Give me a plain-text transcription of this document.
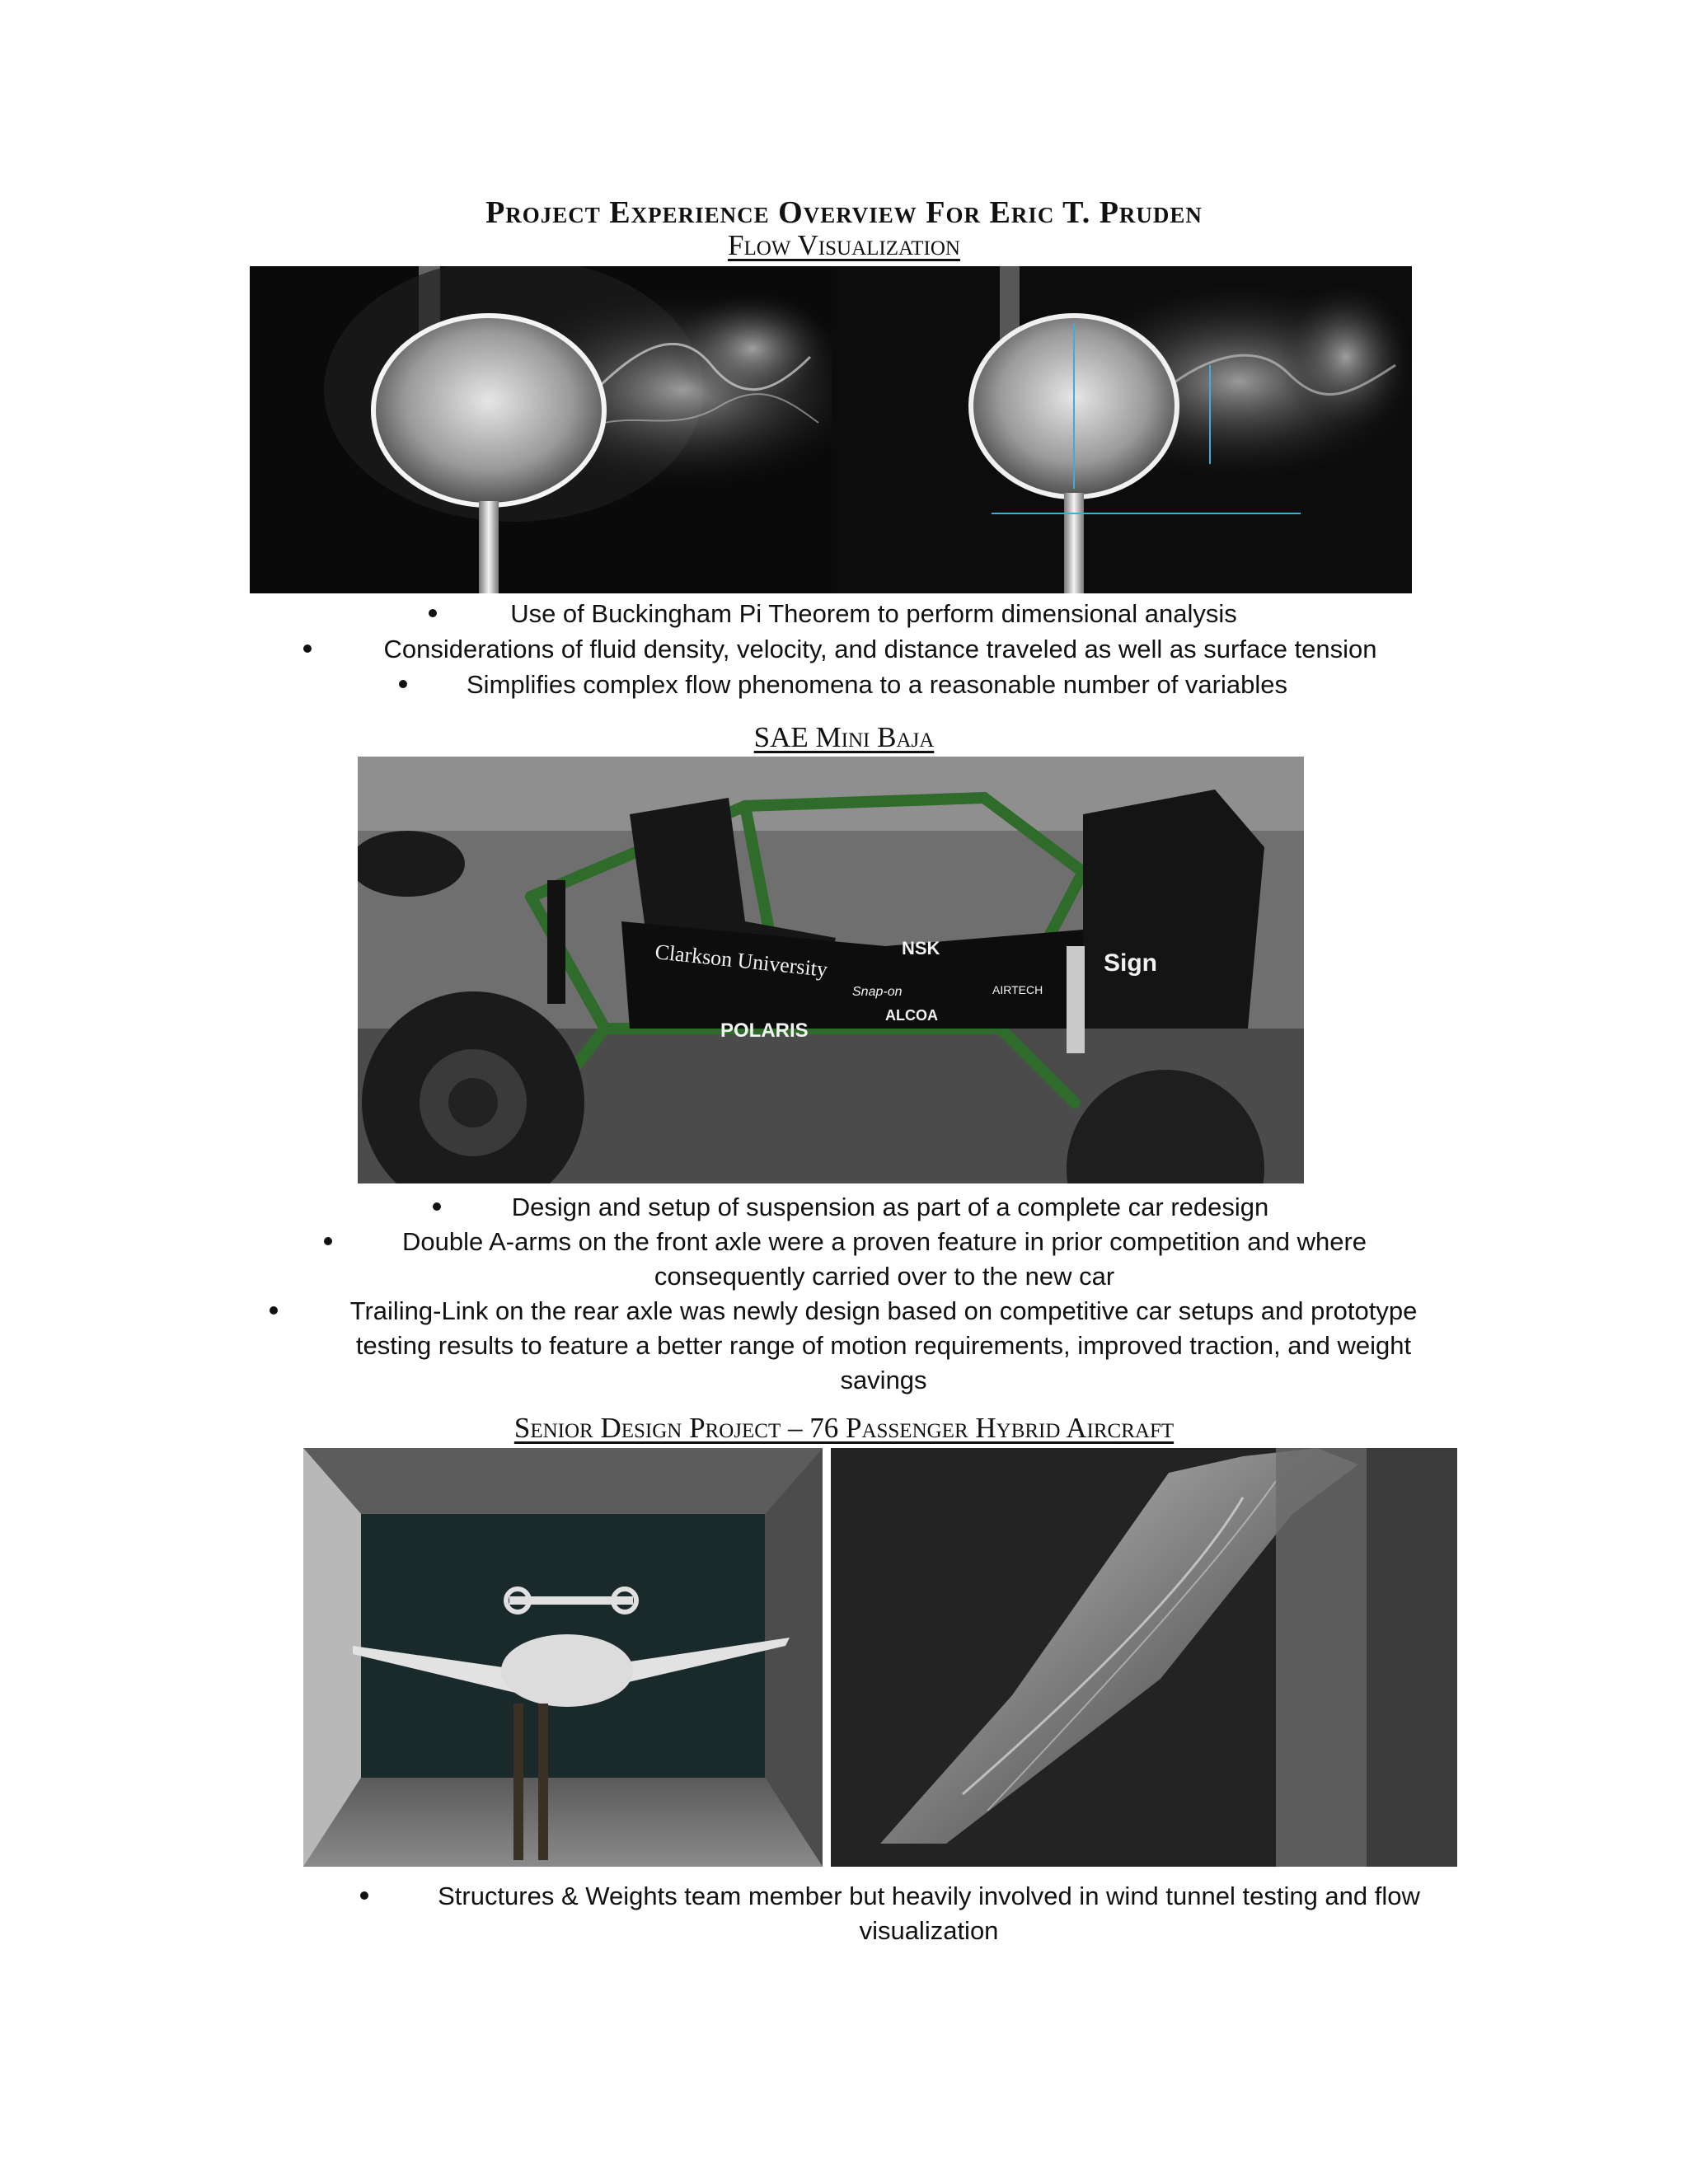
Project Experience Overview For Eric T. Pruden
Flow Visualization
Use of Buckingham Pi Theorem to perform dimensional analysis
Considerations of fluid density, velocity, and distance traveled as well as surface tension
Simplifies complex flow phenomena to a reasonable number of variables
SAE Mini Baja
Clarkson University	NSK
POLARIS
ALCOA
Snap-on	AIRTECH
Sign
Design and setup of suspension as part of a complete car redesign
Double A-arms on the front axle were a proven feature in prior competition and where consequently carried over to the new car
Trailing-Link on the rear axle was newly design based on competitive car setups and prototype testing results to feature a better range of motion requirements, improved traction, and weight savings
Senior Design Project – 76 Passenger Hybrid Aircraft
Structures & Weights team member but heavily involved in wind tunnel testing and flow visualization
